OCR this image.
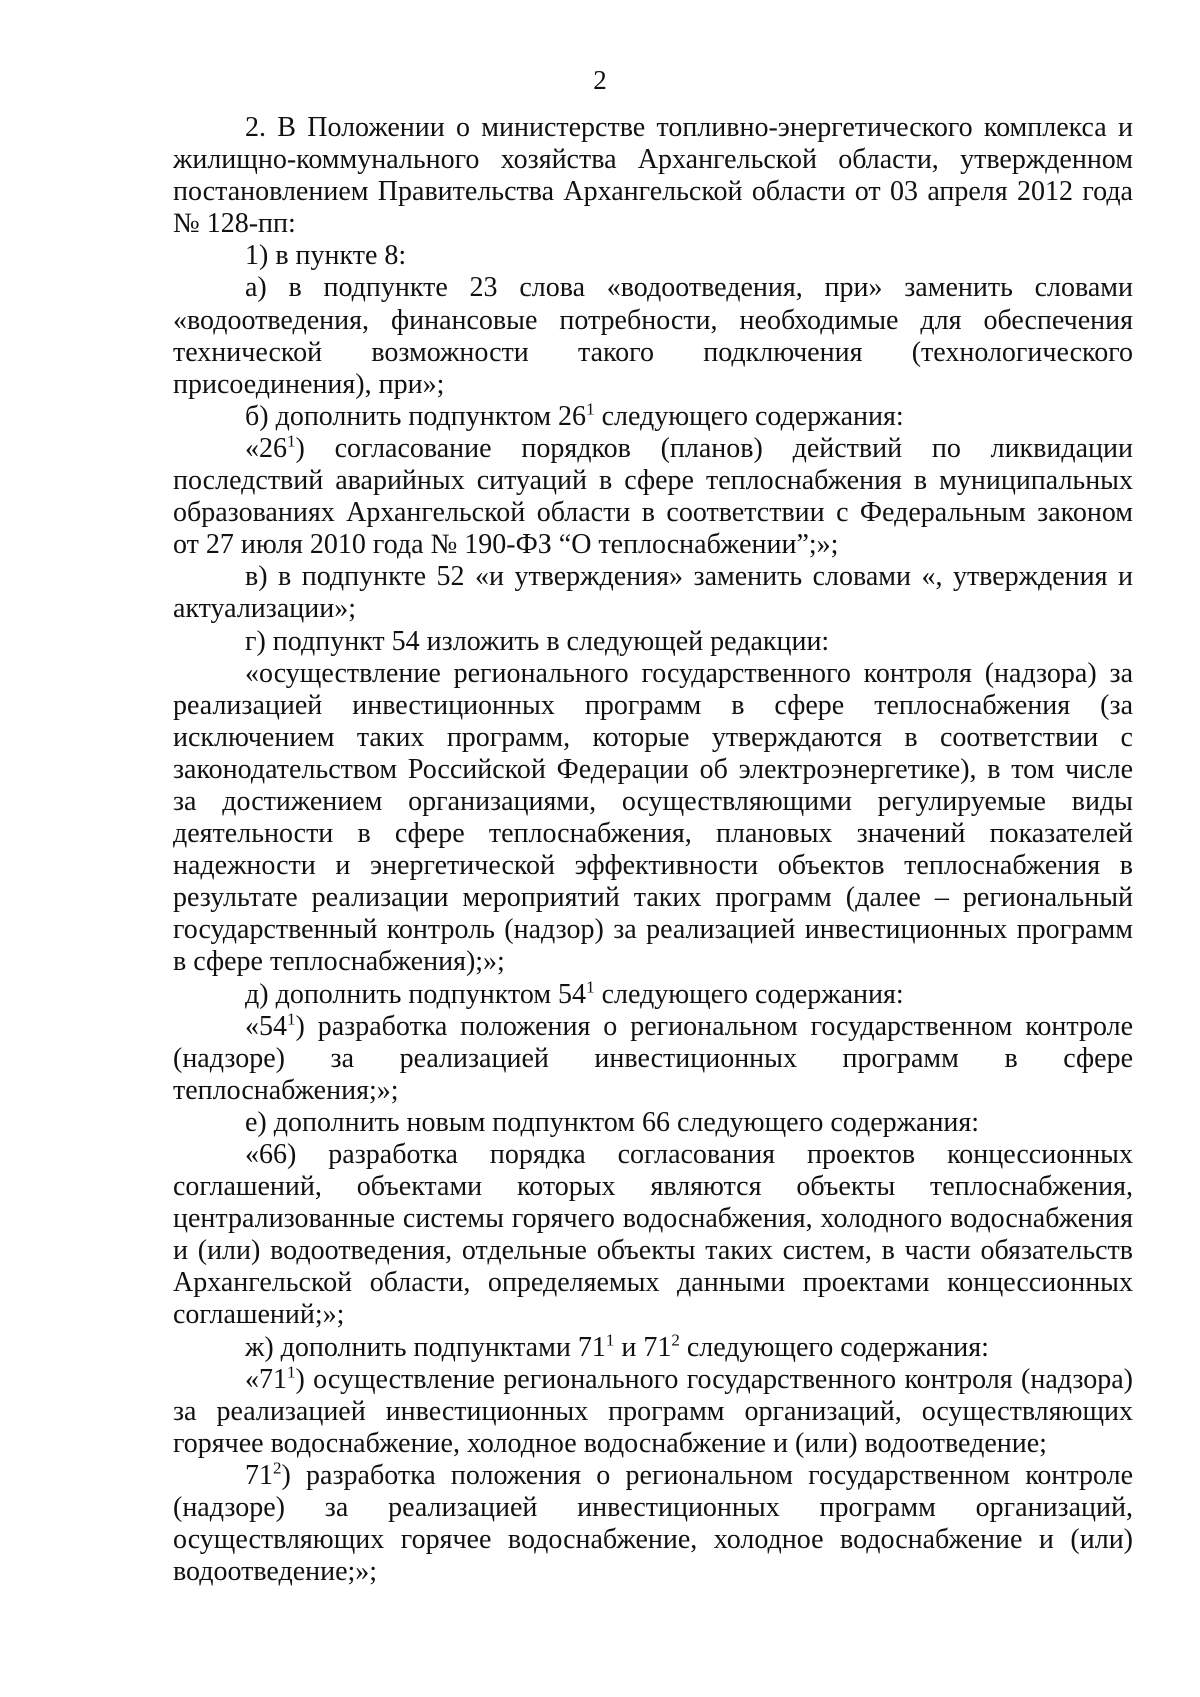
2

2. В Положении о министерстве топливно-энергетического комплекса и жилищно-коммунального хозяйства Архангельской области, утвержденном постановлением Правительства Архангельской области от 03 апреля 2012 года № 128-пп:

1) в пункте 8:

а) в подпункте 23 слова «водоотведения, при» заменить словами «водоотведения, финансовые потребности, необходимые для обеспечения технической возможности такого подключения (технологического присоединения), при»;

б) дополнить подпунктом $26^1$ следующего содержания:

«$26^1$) согласование порядков (планов) действий по ликвидации последствий аварийных ситуаций в сфере теплоснабжения в муниципальных образованиях Архангельской области в соответствии с Федеральным законом от 27 июля 2010 года № 190-ФЗ “О теплоснабжении”;»;

в) в подпункте 52 «и утверждения» заменить словами «, утверждения и актуализации»;

г) подпункт 54 изложить в следующей редакции:

«осуществление регионального государственного контроля (надзора) за реализацией инвестиционных программ в сфере теплоснабжения (за исключением таких программ, которые утверждаются в соответствии с законодательством Российской Федерации об электроэнергетике), в том числе за достижением организациями, осуществляющими регулируемые виды деятельности в сфере теплоснабжения, плановых значений показателей надежности и энергетической эффективности объектов теплоснабжения в результате реализации мероприятий таких программ (далее – региональный государственный контроль (надзор) за реализацией инвестиционных программ в сфере теплоснабжения);»;

д) дополнить подпунктом $54^1$ следующего содержания:

«$54^1$) разработка положения о региональном государственном контроле (надзоре) за реализацией инвестиционных программ в сфере теплоснабжения;»;

е) дополнить новым подпунктом 66 следующего содержания:

«66) разработка порядка согласования проектов концессионных соглашений, объектами которых являются объекты теплоснабжения, централизованные системы горячего водоснабжения, холодного водоснабжения и (или) водоотведения, отдельные объекты таких систем, в части обязательств Архангельской области, определяемых данными проектами концессионных соглашений;»;

ж) дополнить подпунктами $71^1$ и $71^2$ следующего содержания:

«$71^1$) осуществление регионального государственного контроля (надзора) за реализацией инвестиционных программ организаций, осуществляющих горячее водоснабжение, холодное водоснабжение и (или) водоотведение;

$71^2$) разработка положения о региональном государственном контроле (надзоре) за реализацией инвестиционных программ организаций, осуществляющих горячее водоснабжение, холодное водоснабжение и (или) водоотведение;»;
